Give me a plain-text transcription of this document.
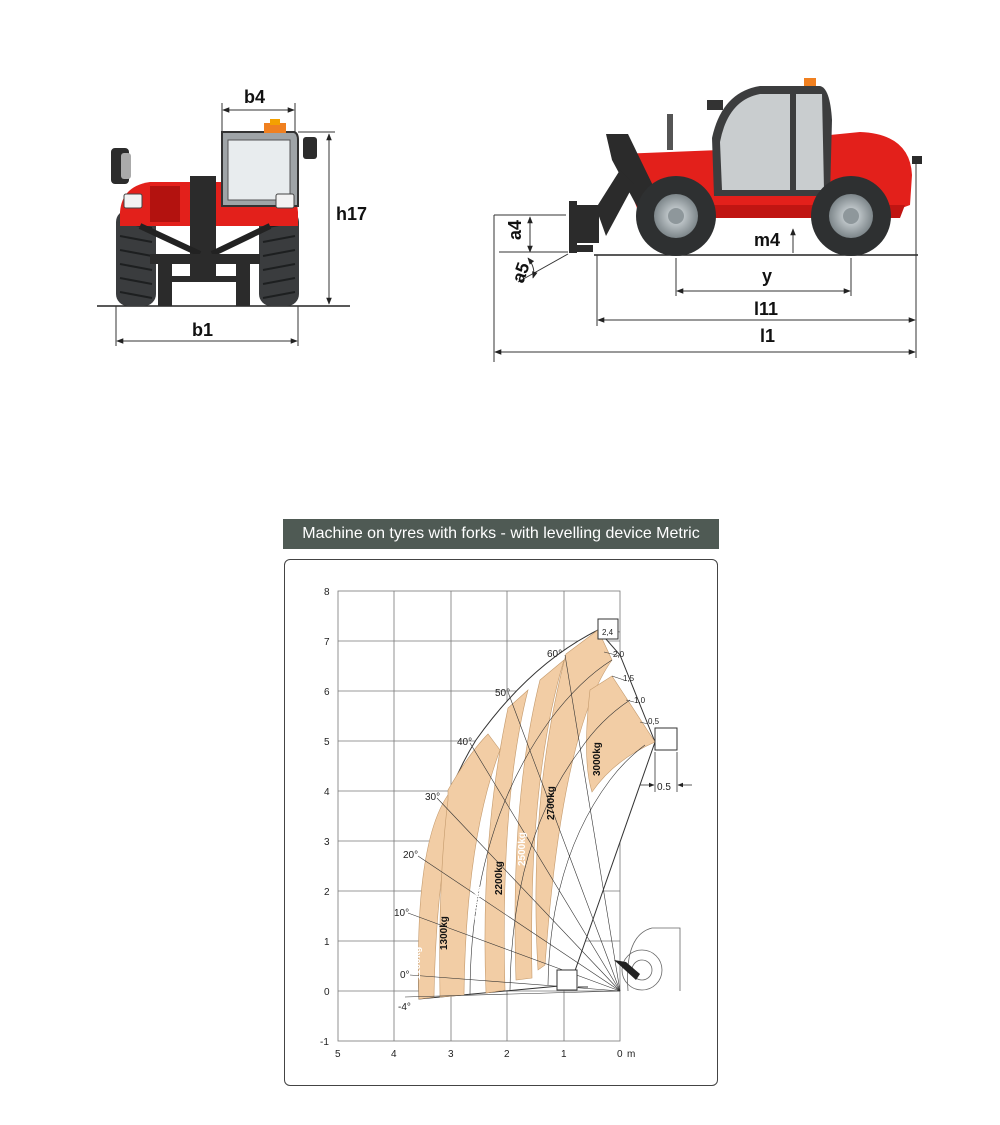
b4
h17
b1
a4
a5
m4
y
l11
l1
0.5
8
7
6
5
4
3
2
1
0
-1
5	4	3	2	1	0 m
60°
50°
40°
30°
20°
10°
0°
-4°
2,4
2,0
1,5
1,0
0,5
1100kg
1300kg
1700kg
2200kg
2500kg
2700kg
3000kg
Machine on tyres with forks - with levelling device Metric
